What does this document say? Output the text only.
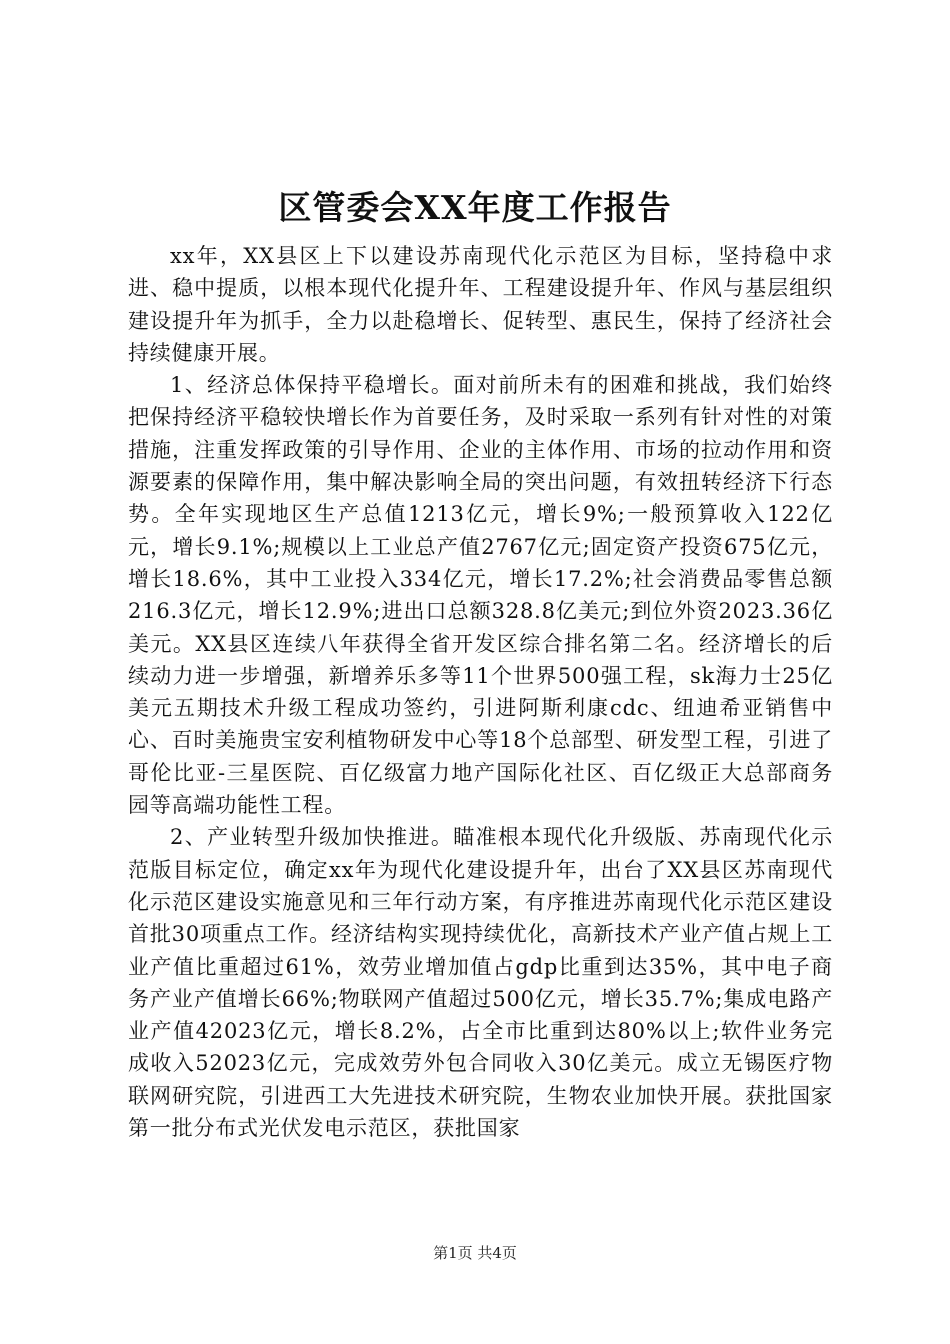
区管委会XX年度工作报告

xx年，XX县区上下以建设苏南现代化示范区为目标，坚持稳中求进、稳中提质，以根本现代化提升年、工程建设提升年、作风与基层组织建设提升年为抓手，全力以赴稳增长、促转型、惠民生，保持了经济社会持续健康开展。

1、经济总体保持平稳增长。面对前所未有的困难和挑战，我们始终把保持经济平稳较快增长作为首要任务，及时采取一系列有针对性的对策措施，注重发挥政策的引导作用、企业的主体作用、市场的拉动作用和资源要素的保障作用，集中解决影响全局的突出问题，有效扭转经济下行态势。全年实现地区生产总值1213亿元，增长9%;一般预算收入122亿元，增长9.1%;规模以上工业总产值2767亿元;固定资产投资675亿元，增长18.6%，其中工业投入334亿元，增长17.2%;社会消费品零售总额216.3亿元，增长12.9%;进出口总额328.8亿美元;到位外资2023.36亿美元。XX县区连续八年获得全省开发区综合排名第二名。经济增长的后续动力进一步增强，新增养乐多等11个世界500强工程，sk海力士25亿美元五期技术升级工程成功签约，引进阿斯利康cdc、纽迪希亚销售中心、百时美施贵宝安利植物研发中心等18个总部型、研发型工程，引进了哥伦比亚-三星医院、百亿级富力地产国际化社区、百亿级正大总部商务园等高端功能性工程。

2、产业转型升级加快推进。瞄准根本现代化升级版、苏南现代化示范版目标定位，确定xx年为现代化建设提升年，出台了XX县区苏南现代化示范区建设实施意见和三年行动方案，有序推进苏南现代化示范区建设首批30项重点工作。经济结构实现持续优化，高新技术产业产值占规上工业产值比重超过61%，效劳业增加值占gdp比重到达35%，其中电子商务产业产值增长66%;物联网产值超过500亿元，增长35.7%;集成电路产业产值42023亿元，增长8.2%，占全市比重到达80%以上;软件业务完成收入52023亿元，完成效劳外包合同收入30亿美元。成立无锡医疗物联网研究院，引进西工大先进技术研究院，生物农业加快开展。获批国家第一批分布式光伏发电示范区，获批国家

第1页 共4页
